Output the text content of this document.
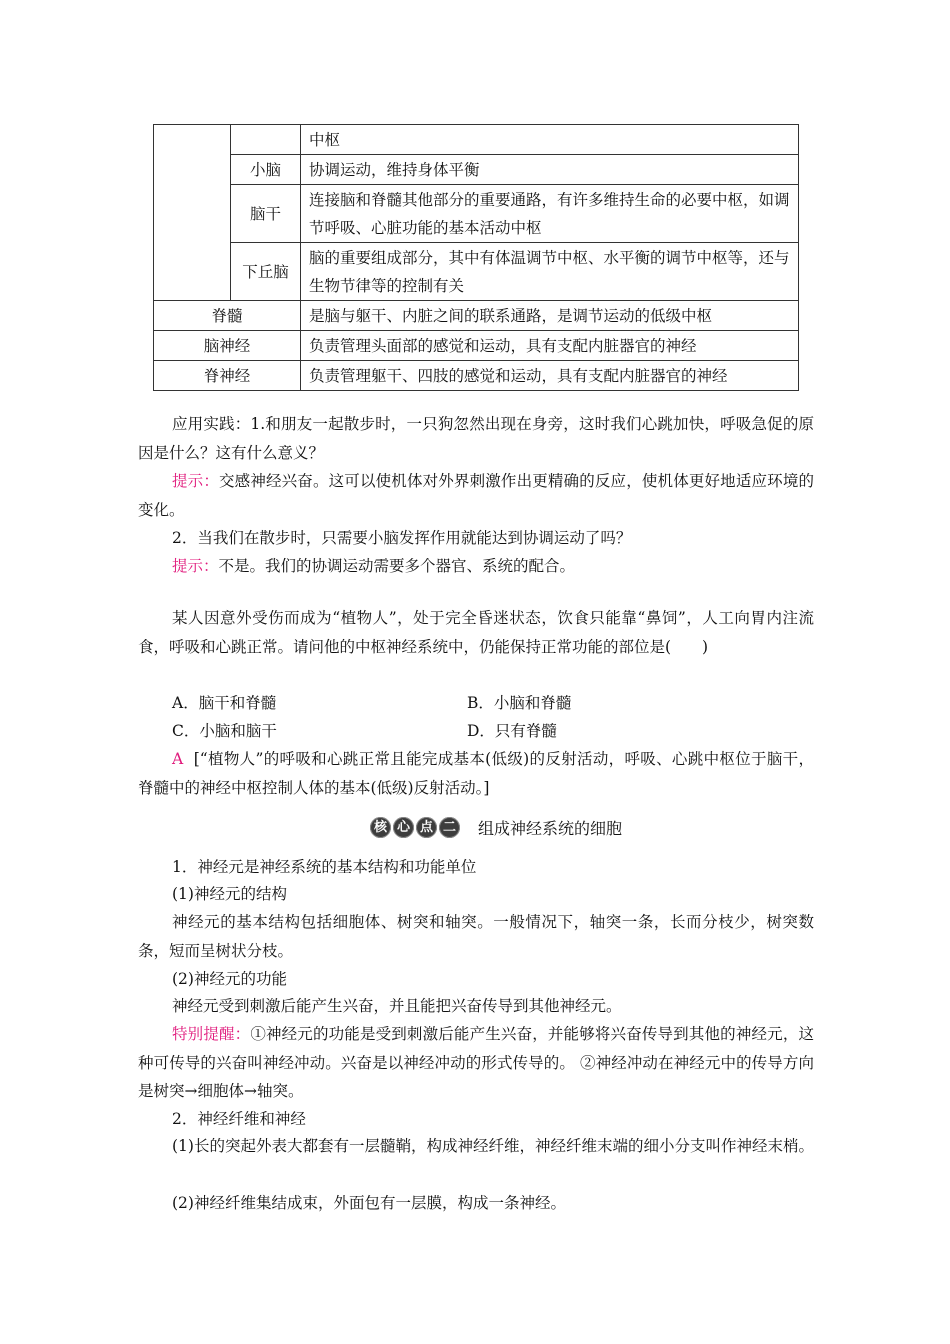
		中枢
	小脑	协调运动，维持身体平衡
	脑干	连接脑和脊髓其他部分的重要通路，有许多维持生命的必要中枢，如调节呼吸、心脏功能的基本活动中枢
	下丘脑	脑的重要组成部分，其中有体温调节中枢、水平衡的调节中枢等，还与生物节律等的控制有关
脊髓		是脑与躯干、内脏之间的联系通路，是调节运动的低级中枢
脑神经		负责管理头面部的感觉和运动，具有支配内脏器官的神经
脊神经		负责管理躯干、四肢的感觉和运动，具有支配内脏器官的神经

应用实践：1.和朋友一起散步时，一只狗忽然出现在身旁，这时我们心跳加快，呼吸急促的原因是什么？这有什么意义？

提示：交感神经兴奋。这可以使机体对外界刺激作出更精确的反应，使机体更好地适应环境的变化。

2．当我们在散步时，只需要小脑发挥作用就能达到协调运动了吗？

提示：不是。我们的协调运动需要多个器官、系统的配合。

某人因意外受伤而成为“植物人”，处于完全昏迷状态，饮食只能靠“鼻饲”，人工向胃内注流食，呼吸和心跳正常。请问他的中枢神经系统中，仍能保持正常功能的部位是(　　)

A．脑干和脊髓	B．小脑和脊髓

C．小脑和脑干	D．只有脊髓

A [“植物人”的呼吸和心跳正常且能完成基本(低级)的反射活动，呼吸、心跳中枢位于脑干，脊髓中的神经中枢控制人体的基本(低级)反射活动。]

核 心 点 二 组成神经系统的细胞

1．神经元是神经系统的基本结构和功能单位

(1)神经元的结构

神经元的基本结构包括细胞体、树突和轴突。一般情况下，轴突一条，长而分枝少，树突数条，短而呈树状分枝。

(2)神经元的功能

神经元受到刺激后能产生兴奋，并且能把兴奋传导到其他神经元。

特别提醒：①神经元的功能是受到刺激后能产生兴奋，并能够将兴奋传导到其他的神经元，这种可传导的兴奋叫神经冲动。兴奋是以神经冲动的形式传导的。 ②神经冲动在神经元中的传导方向是树突→细胞体→轴突。

2．神经纤维和神经

(1)长的突起外表大都套有一层髓鞘，构成神经纤维，神经纤维末端的细小分支叫作神经末梢。

(2)神经纤维集结成束，外面包有一层膜，构成一条神经。
